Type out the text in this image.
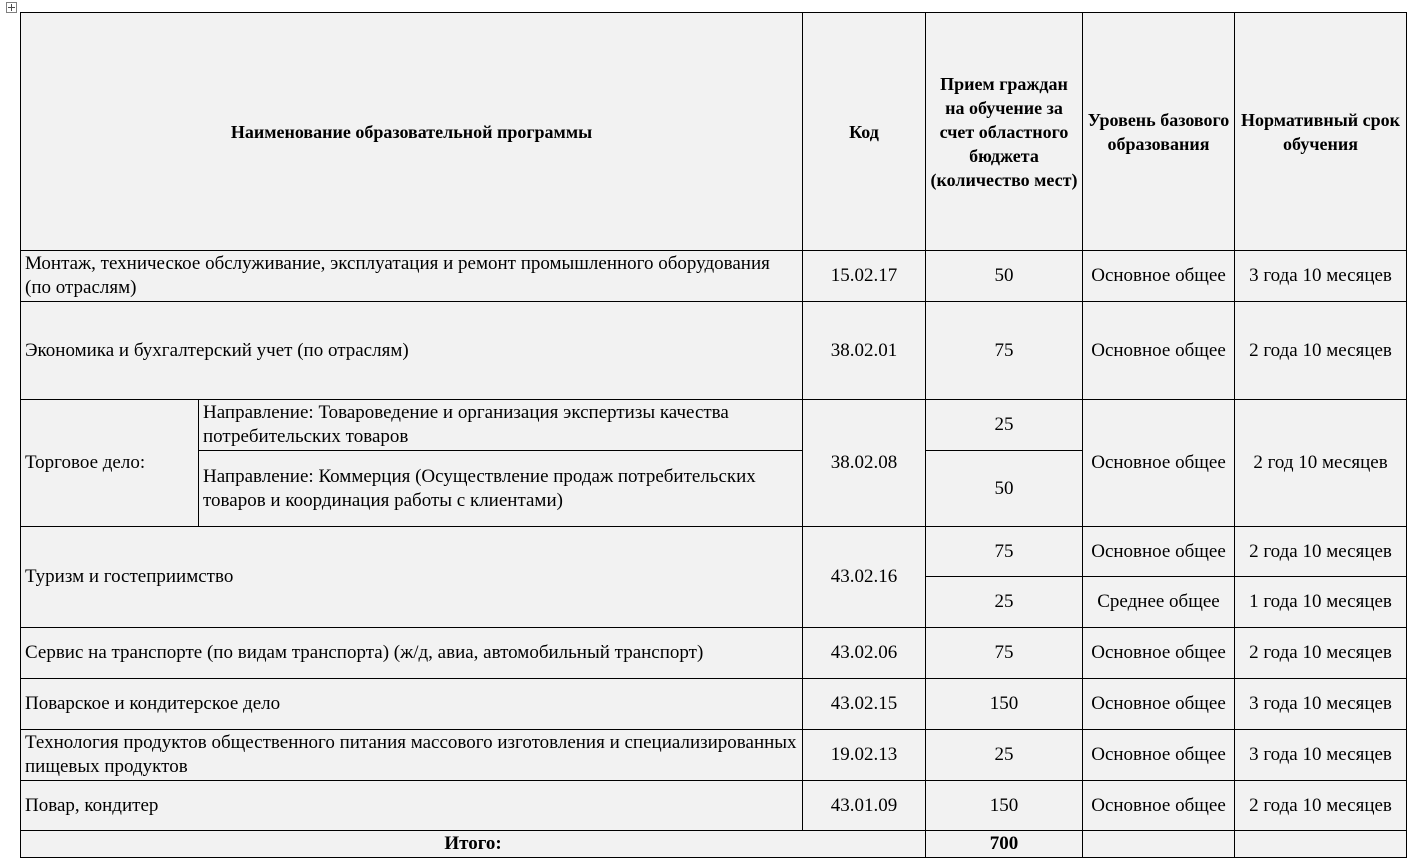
Наименование образовательной программы		Код	Прием граждан на обучение за счет областного бюджета (количество мест)	Уровень базового образования	Нормативный срок обучения
Монтаж, техническое обслуживание, эксплуатация и ремонт промышленного оборудования (по отраслям)		15.02.17	50	Основное общее	3 года 10 месяцев
Экономика и бухгалтерский учет (по отраслям)		38.02.01	75	Основное общее	2 года 10 месяцев
Торговое дело:	Направление: Товароведение и организация экспертизы качества потребительских товаров	38.02.08	25	Основное общее	2 год 10 месяцев
	Направление: Коммерция (Осуществление продаж потребительских товаров и координация работы с клиентами)		50		
Туризм и гостеприимство		43.02.16	75	Основное общее	2 года 10 месяцев
			25	Среднее общее	1 года 10 месяцев
Сервис на транспорте (по видам транспорта) (ж/д, авиа, автомобильный транспорт)		43.02.06	75	Основное общее	2 года 10 месяцев
Поварское и кондитерское дело		43.02.15	150	Основное общее	3 года 10 месяцев
Технология продуктов общественного питания массового изготовления и специализированных пищевых продуктов		19.02.13	25	Основное общее	3 года 10 месяцев
Повар, кондитер		43.01.09	150	Основное общее	2 года 10 месяцев
Итого:			700		
